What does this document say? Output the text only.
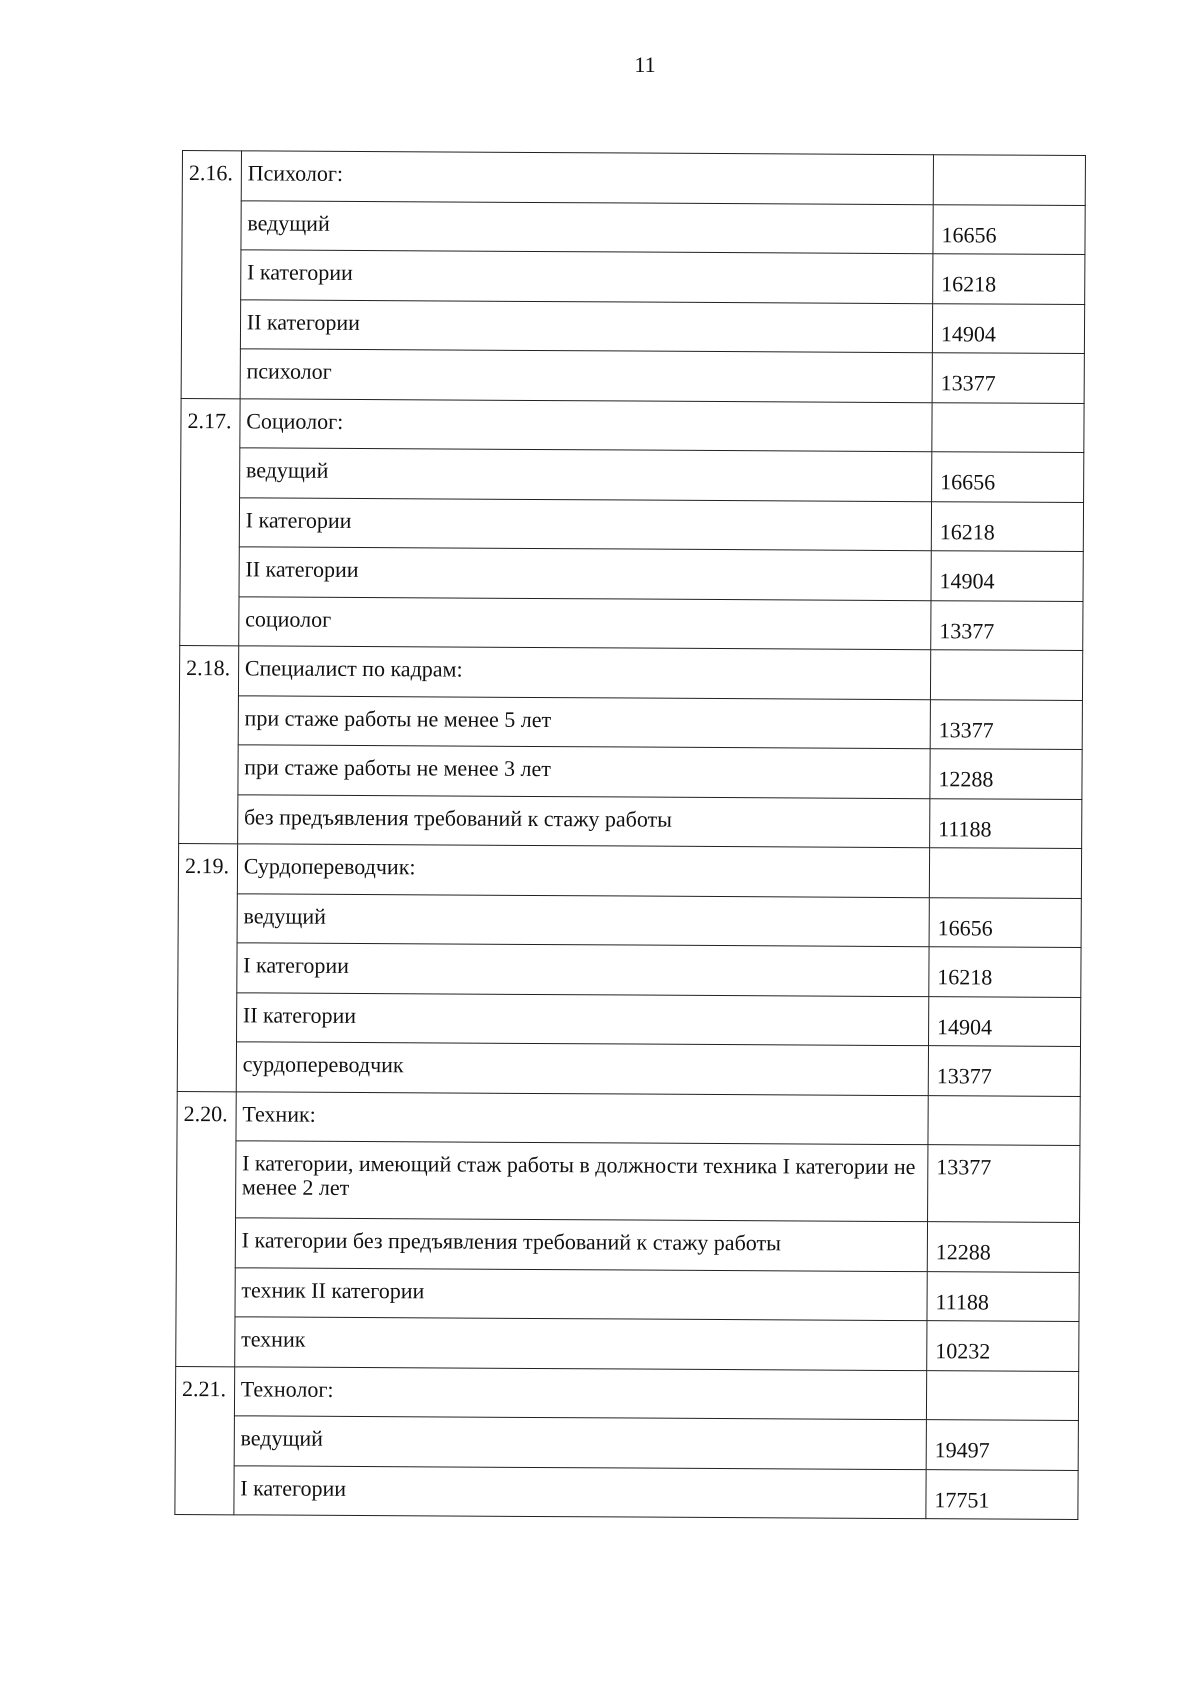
11
2.16.	Психолог:	
	ведущий	16656
	I категории	16218
	II категории	14904
	психолог	13377
2.17.	Социолог:	
	ведущий	16656
	I категории	16218
	II категории	14904
	социолог	13377
2.18.	Специалист по кадрам:	
	при стаже работы не менее 5 лет	13377
	при стаже работы не менее 3 лет	12288
	без предъявления требований к стажу работы	11188
2.19.	Сурдопереводчик:	
	ведущий	16656
	I категории	16218
	II категории	14904
	сурдопереводчик	13377
2.20.	Техник:	
	I категории, имеющий стаж работы в должности техника I категории не менее 2 лет	13377
	I категории без предъявления требований к стажу работы	12288
	техник II категории	11188
	техник	10232
2.21.	Технолог:	
	ведущий	19497
	I категории	17751
